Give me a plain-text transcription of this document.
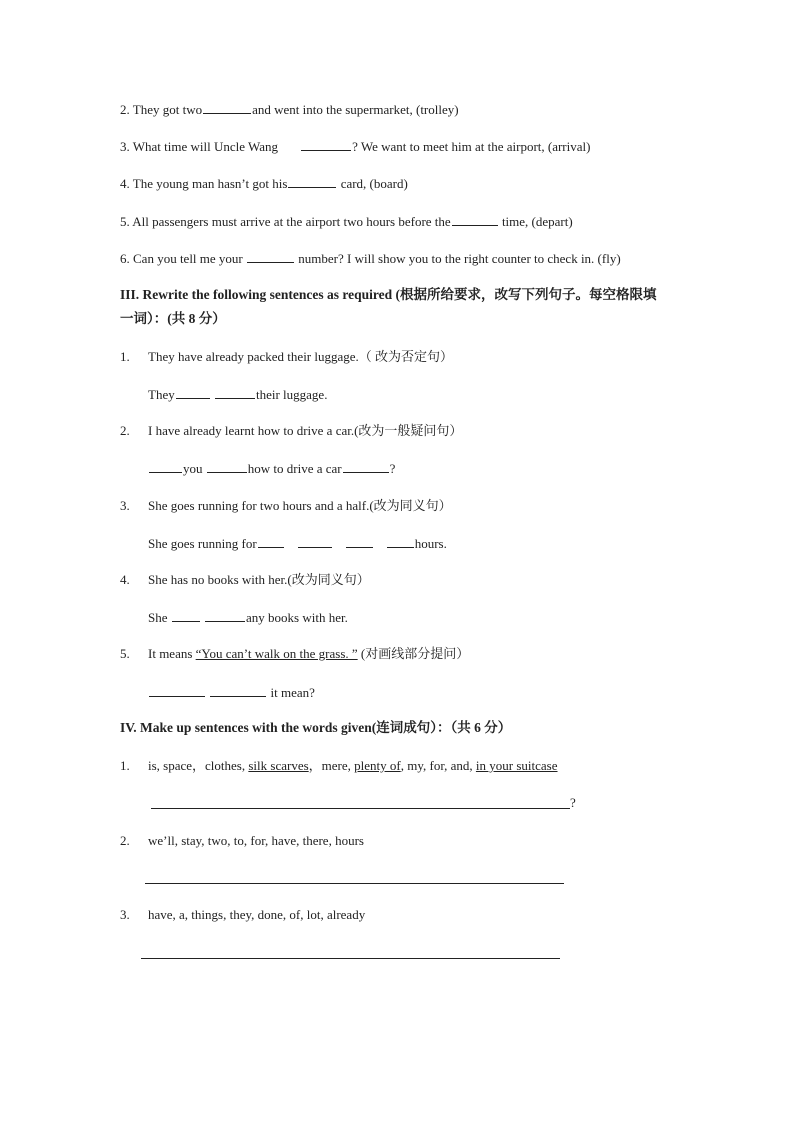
2. They got two	and went into the supermarket, (trolley)
3. What time will Uncle Wang	? We want to meet him at the airport, (arrival)
4. The young man hasn’t got his	card, (board)
5. All passengers must arrive at the airport two hours before the	time, (depart)
6. Can you tell me your	number? I will show you to the right counter to check in. (fly)
III. Rewrite the following sentences as required (根据所给要求，改写下列句子。每空格限填
一词）：(共 8 分）
1. They have already packed their luggage.（ 改为否定句）
They	their luggage.
2. I have already learnt how to drive a car.(改为一般疑问句）
you	how to drive a car	?
3. She goes running for two hours and a half.(改为同义句）
She goes running for	hours.
4. She has no books with her.(改为同义句）
She	any books with her.
5. It means “You can’t walk on the grass. ” (对画线部分提问）
it mean?
IV. Make up sentences with the words given(连词成句）：（共 6 分）
1. is, space，clothes, silk scarves，mere, plenty of, my, for, and, in your suitcase
?
2. we’ll, stay, two, to, for, have, there, hours
3. have, a, things, they, done, of, lot, already
